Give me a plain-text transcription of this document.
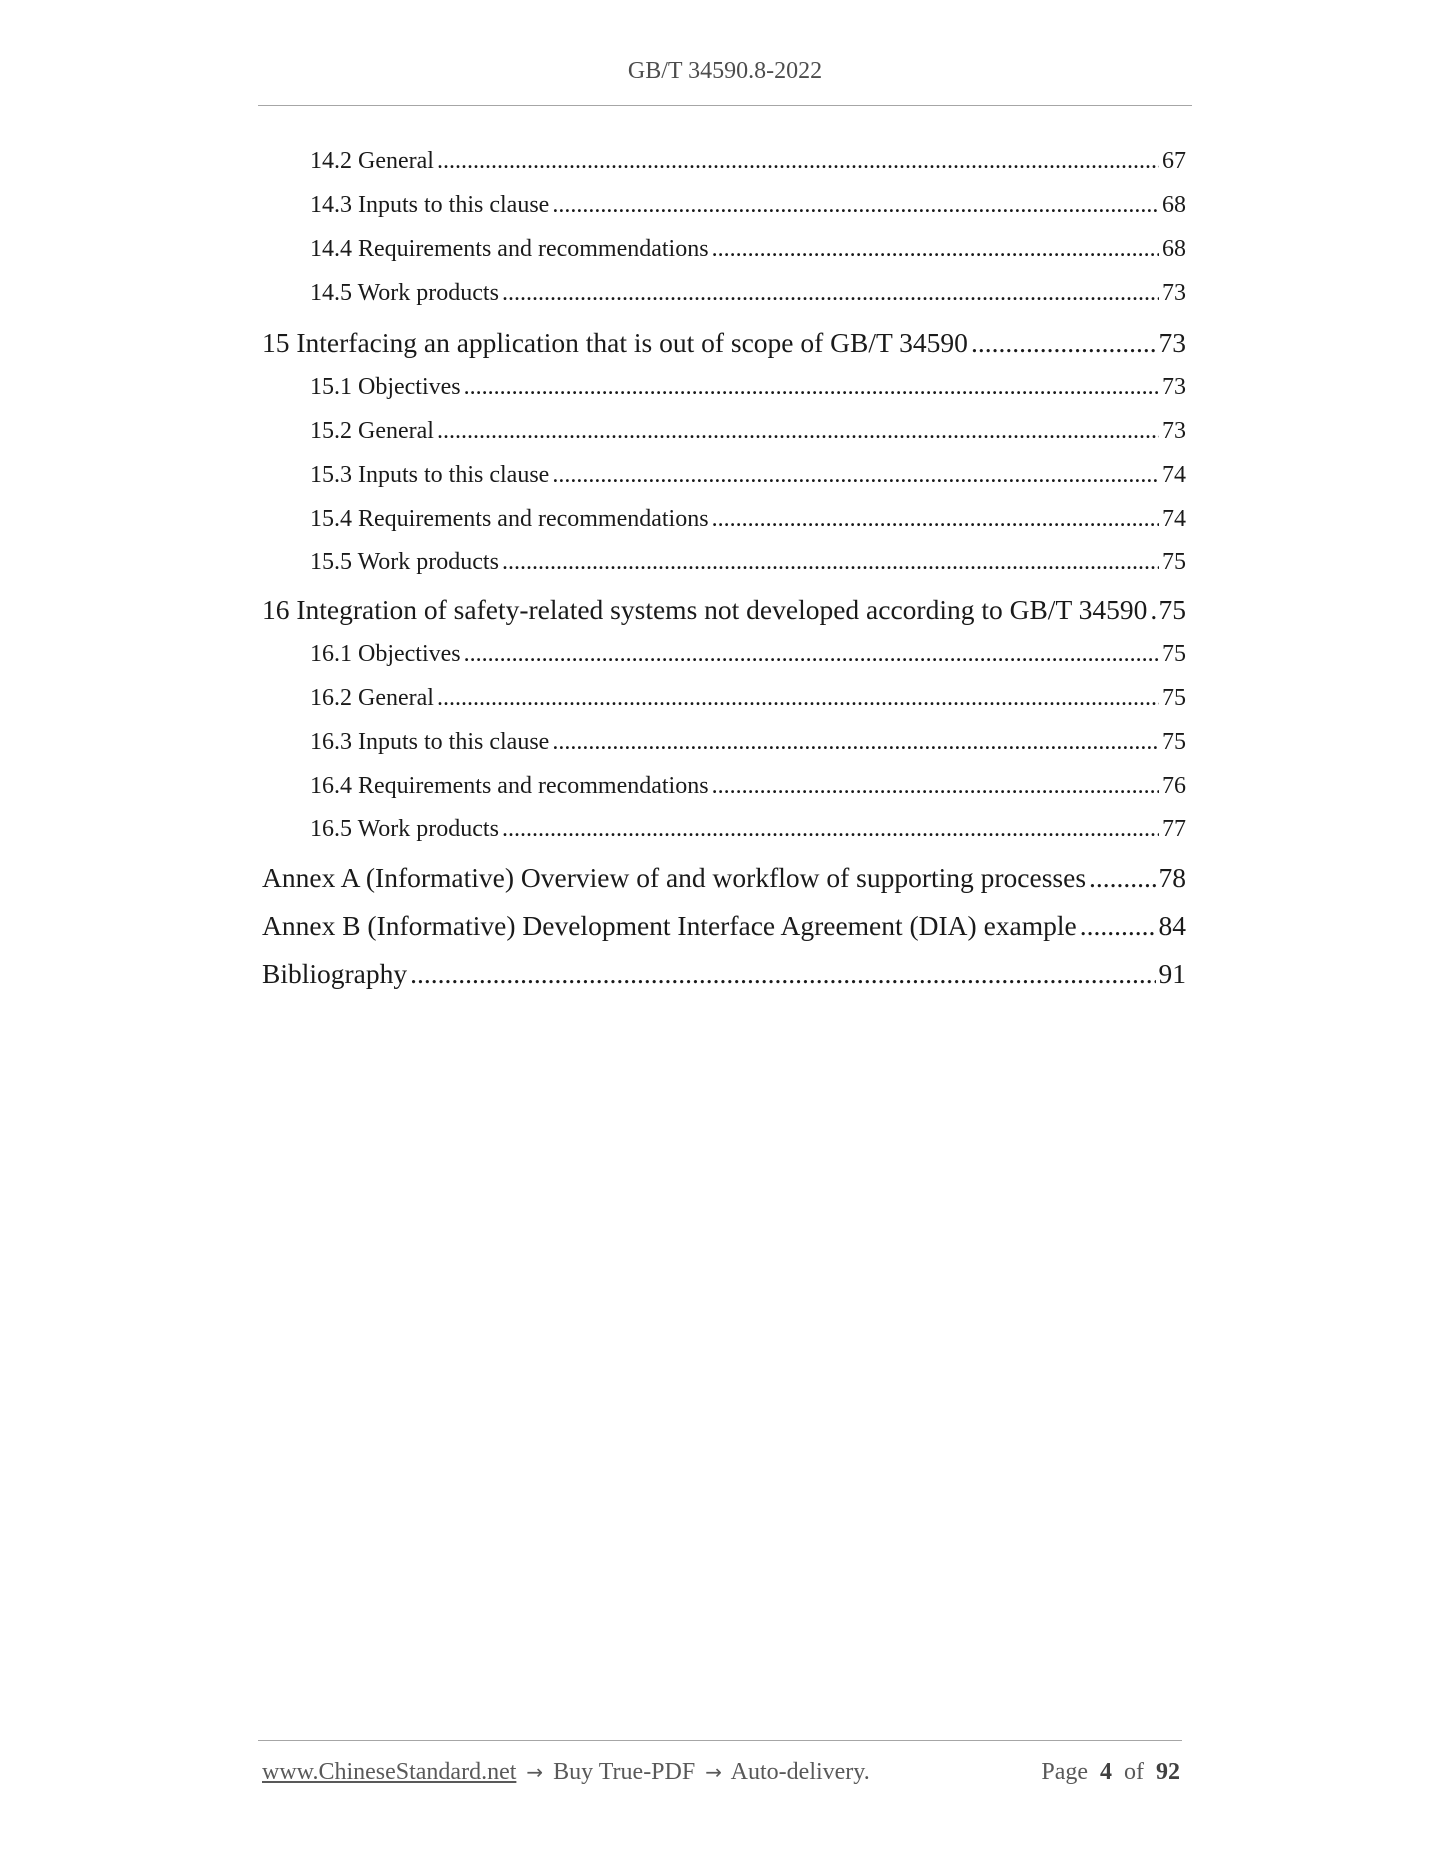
GB/T 34590.8-2022
14.2 General .....	67
14.3 Inputs to this clause .....	68
14.4 Requirements and recommendations .....	68
14.5 Work products .....	73
15 Interfacing an application that is out of scope of GB/T 34590 .....	73
15.1 Objectives .....	73
15.2 General .....	73
15.3 Inputs to this clause .....	74
15.4 Requirements and recommendations .....	74
15.5 Work products .....	75
16 Integration of safety-related systems not developed according to GB/T 34590 ..... 75
16.1 Objectives .....	75
16.2 General .....	75
16.3 Inputs to this clause .....	75
16.4 Requirements and recommendations .....	76
16.5 Work products .....	77
Annex A (Informative) Overview of and workflow of supporting processes .....	78
Annex B (Informative) Development Interface Agreement (DIA) example .....	84
Bibliography .....	91
www.ChineseStandard.net → Buy True-PDF → Auto-delivery.	Page 4 of 92
